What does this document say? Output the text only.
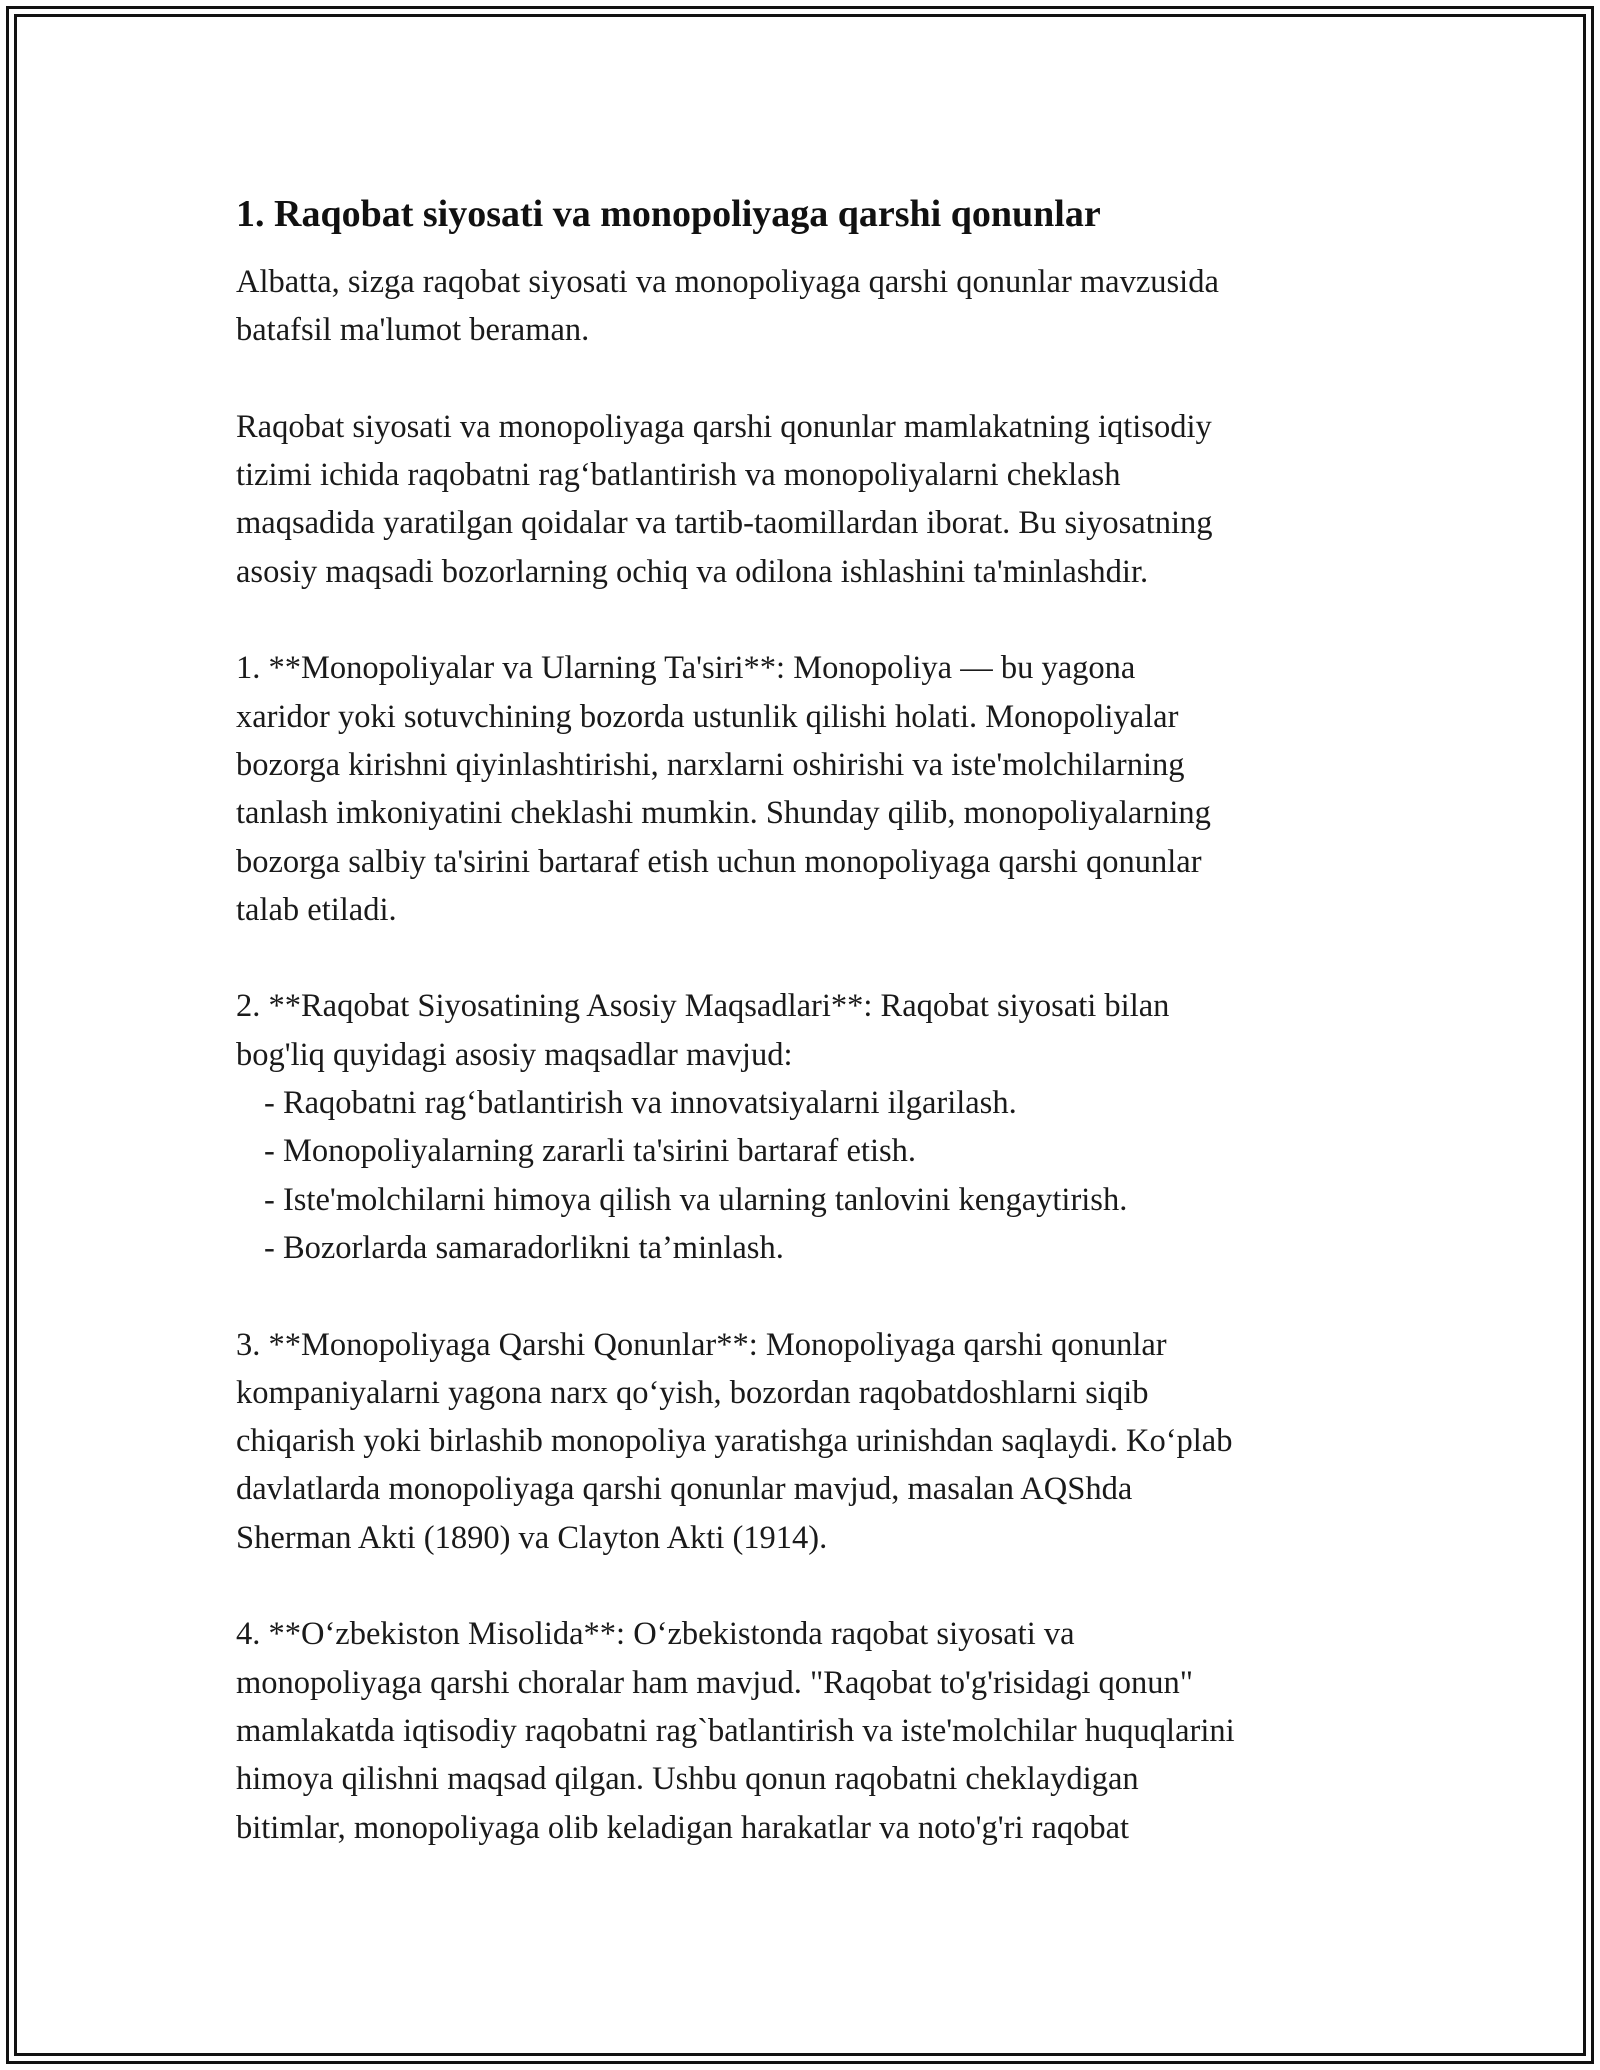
1. Raqobat siyosati va monopoliyaga qarshi qonunlar

Albatta, sizga raqobat siyosati va monopoliyaga qarshi qonunlar mavzusida
batafsil ma'lumot beraman.

Raqobat siyosati va monopoliyaga qarshi qonunlar mamlakatning iqtisodiy
tizimi ichida raqobatni rag‘batlantirish va monopoliyalarni cheklash
maqsadida yaratilgan qoidalar va tartib-taomillardan iborat. Bu siyosatning
asosiy maqsadi bozorlarning ochiq va odilona ishlashini ta'minlashdir.

1. **Monopoliyalar va Ularning Ta'siri**: Monopoliya — bu yagona
xaridor yoki sotuvchining bozorda ustunlik qilishi holati. Monopoliyalar
bozorga kirishni qiyinlashtirishi, narxlarni oshirishi va iste'molchilarning
tanlash imkoniyatini cheklashi mumkin. Shunday qilib, monopoliyalarning
bozorga salbiy ta'sirini bartaraf etish uchun monopoliyaga qarshi qonunlar
talab etiladi.

2. **Raqobat Siyosatining Asosiy Maqsadlari**: Raqobat siyosati bilan
bog'liq quyidagi asosiy maqsadlar mavjud:
- Raqobatni rag‘batlantirish va innovatsiyalarni ilgarilash.
- Monopoliyalarning zararli ta'sirini bartaraf etish.
- Iste'molchilarni himoya qilish va ularning tanlovini kengaytirish.
- Bozorlarda samaradorlikni ta’minlash.

3. **Monopoliyaga Qarshi Qonunlar**: Monopoliyaga qarshi qonunlar
kompaniyalarni yagona narx qo‘yish, bozordan raqobatdoshlarni siqib
chiqarish yoki birlashib monopoliya yaratishga urinishdan saqlaydi. Ko‘plab
davlatlarda monopoliyaga qarshi qonunlar mavjud, masalan AQShda
Sherman Akti (1890) va Clayton Akti (1914).

4. **O‘zbekiston Misolida**: O‘zbekistonda raqobat siyosati va
monopoliyaga qarshi choralar ham mavjud. "Raqobat to'g'risidagi qonun"
mamlakatda iqtisodiy raqobatni rag`batlantirish va iste'molchilar huquqlarini
himoya qilishni maqsad qilgan. Ushbu qonun raqobatni cheklaydigan
bitimlar, monopoliyaga olib keladigan harakatlar va noto'g'ri raqobat
